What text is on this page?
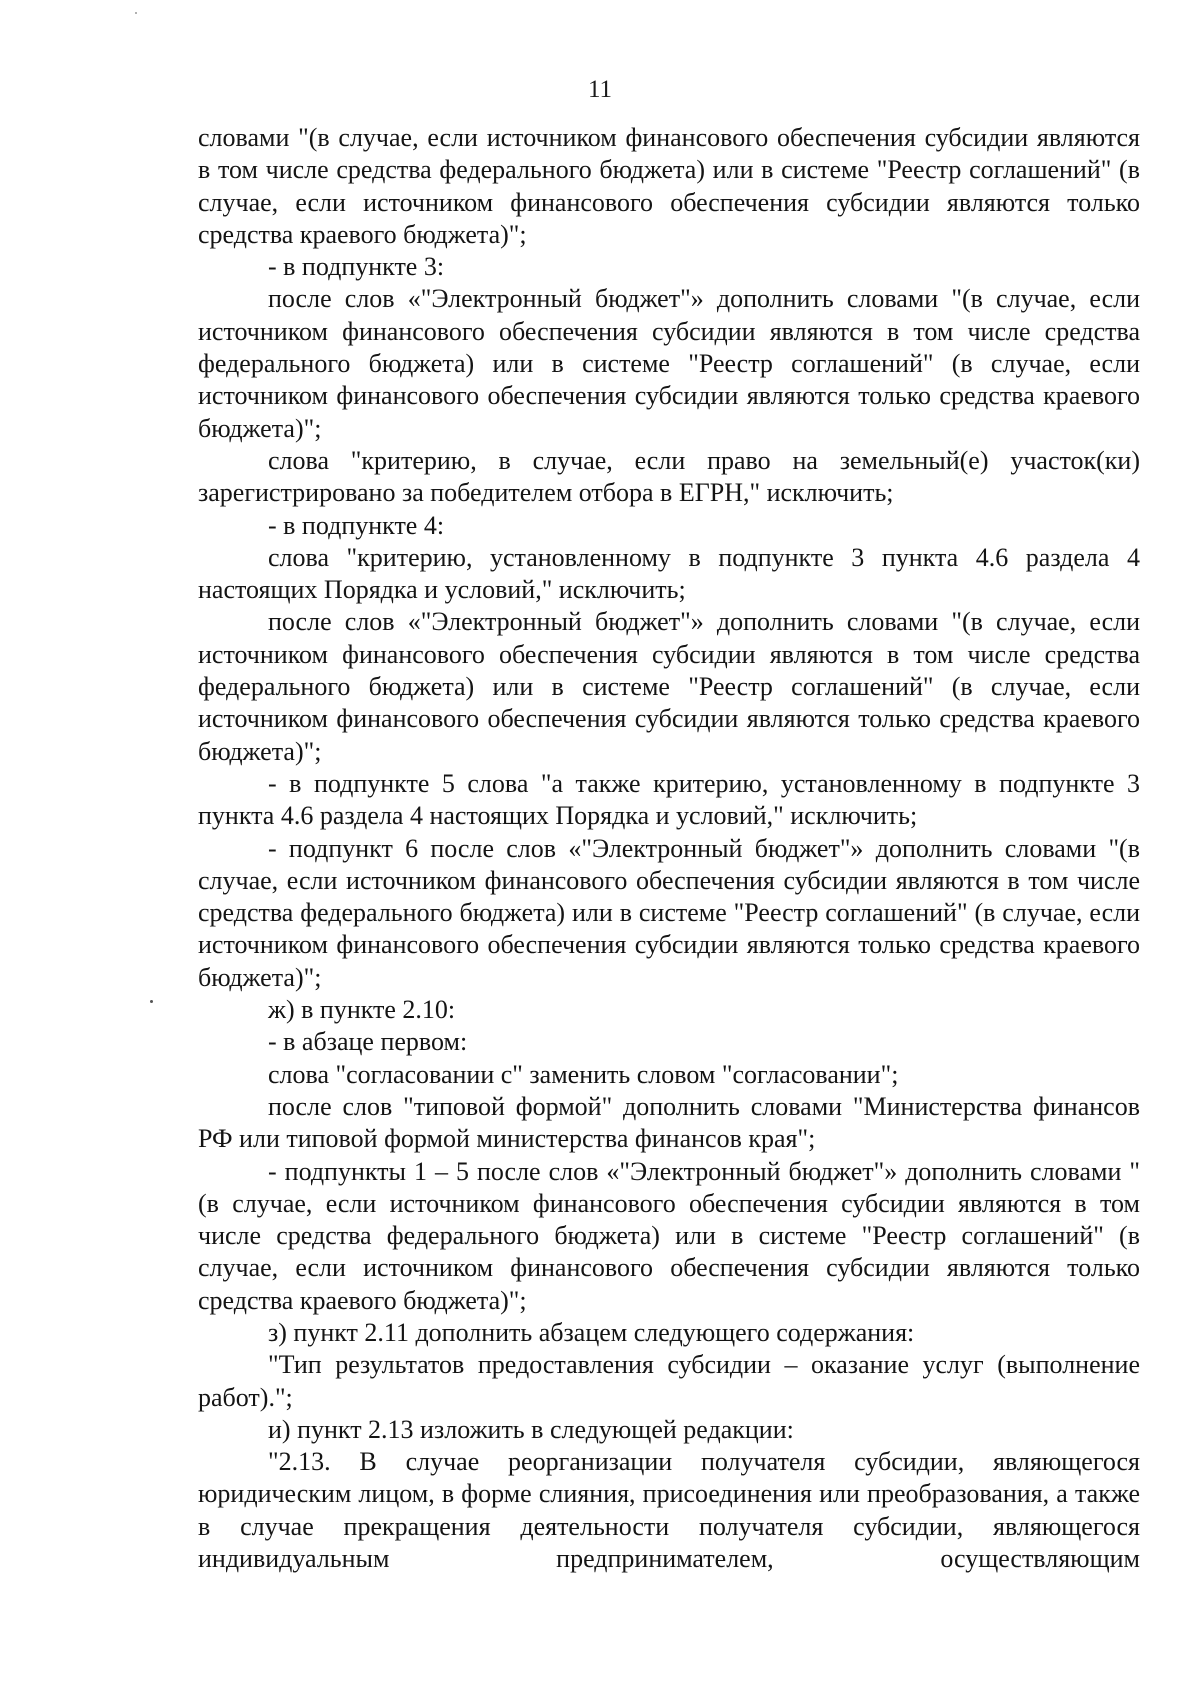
11

словами "(в случае, если источником финансового обеспечения субсидии являются в том числе средства федерального бюджета) или в системе "Реестр соглашений" (в случае, если источником финансового обеспечения субсидии являются только средства краевого бюджета)";

- в подпункте 3:

после слов «"Электронный бюджет"» дополнить словами "(в случае, если источником финансового обеспечения субсидии являются в том числе средства федерального бюджета) или в системе "Реестр соглашений" (в случае, если источником финансового обеспечения субсидии являются только средства краевого бюджета)";

слова "критерию, в случае, если право на земельный(е) участок(ки) зарегистрировано за победителем отбора в ЕГРН," исключить;

- в подпункте 4:

слова "критерию, установленному в подпункте 3 пункта 4.6 раздела 4 настоящих Порядка и условий," исключить;

после слов «"Электронный бюджет"» дополнить словами "(в случае, если источником финансового обеспечения субсидии являются в том числе средства федерального бюджета) или в системе "Реестр соглашений" (в случае, если источником финансового обеспечения субсидии являются только средства краевого бюджета)";

- в подпункте 5 слова "а также критерию, установленному в подпункте 3 пункта 4.6 раздела 4 настоящих Порядка и условий," исключить;

- подпункт 6 после слов «"Электронный бюджет"» дополнить словами "(в случае, если источником финансового обеспечения субсидии являются в том числе средства федерального бюджета) или в системе "Реестр соглашений" (в случае, если источником финансового обеспечения субсидии являются только средства краевого бюджета)";

ж) в пункте 2.10:

- в абзаце первом:

слова "согласовании с" заменить словом "согласовании";

после слов "типовой формой" дополнить словами "Министерства финансов РФ или типовой формой министерства финансов края";

- подпункты 1 – 5 после слов «"Электронный бюджет"» дополнить словами "(в случае, если источником финансового обеспечения субсидии являются в том числе средства федерального бюджета) или в системе "Реестр соглашений" (в случае, если источником финансового обеспечения субсидии являются только средства краевого бюджета)";

з) пункт 2.11 дополнить абзацем следующего содержания:

"Тип результатов предоставления субсидии – оказание услуг (выполнение работ).";

и) пункт 2.13 изложить в следующей редакции:

"2.13. В случае реорганизации получателя субсидии, являющегося юридическим лицом, в форме слияния, присоединения или преобразования, а также в случае прекращения деятельности получателя субсидии, являющегося индивидуальным предпринимателем, осуществляющим
